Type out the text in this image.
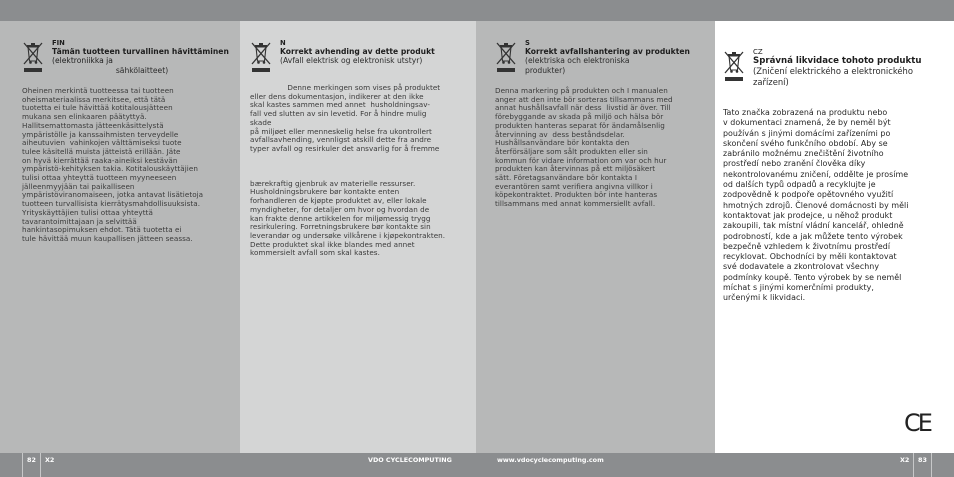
FIN
Tämän tuotteen turvallinen hävittäminen (elektroniikka ja
sähkölaitteet)
Oheinen merkintä tuotteessa tai tuotteen
oheismateriaalissa merkitsee, että tätä
tuotetta ei tule hävittää kotitalousjätteen
mukana sen elinkaaren päätyttyä.
Hallitsemattomasta jätteenkäsittelystä
ympäristölle ja kanssaihmisten terveydelle
aiheutuvien  vahinkojen välttämiseksi tuote
tulee käsitellä muista jätteistä erillään. Jäte
on hyvä kierrättää raaka-aineiksi kestävän
ympäristö-kehityksen takia. Kotitalouskäyttäjien
tulisi ottaa yhteyttä tuotteen myyneeseen
jälleenmyyjään tai paikalliseen
ympäristöviranomaiseen, jotka antavat lisätietoja
tuotteen turvallisista kierrätysmahdollisuuksista.
Yrityskäyttäjien tulisi ottaa yhteyttä
tavarantoimittajaan ja selvittää
hankintasopimuksen ehdot. Tätä tuotetta ei
tule hävittää muun kaupallisen jätteen seassa.
N
Korrekt avhending av dette produkt
(Avfall elektrisk og elektronisk utstyr)
Denne merkingen som vises på produktet
eller dens dokumentasjon, indikerer at den ikke
skal kastes sammen med annet  husholdningsav-
fall ved slutten av sin levetid. For å hindre mulig
skade
på miljøet eller menneskelig helse fra ukontrollert
avfallsavhending, vennligst atskill dette fra andre
typer avfall og resirkuler det ansvarlig for å fremme

bærekraftig gjenbruk av materielle ressurser.
Husholdningsbrukere bør kontakte enten
forhandleren de kjøpte produktet av, eller lokale
myndigheter, for detaljer om hvor og hvordan de
kan frakte denne artikkelen for miljømessig trygg
resirkulering. Forretningsbrukere bør kontakte sin
leverandør og undersøke vilkårene i kjøpekontrakten.
Dette produktet skal ikke blandes med annet
kommersielt avfall som skal kastes.
S
Korrekt avfallshantering av produkten
(elektriska och elektroniska
produkter)
Denna markering på produkten och I manualen
anger att den inte bör sorteras tillsammans med
annat hushållsavfall när dess  livstid är över. Till
förebyggande av skada på miljö och hälsa bör
produkten hanteras separat för ändamålsenlig
återvinning av  dess beståndsdelar.
Hushållsanvändare bör kontakta den
återförsäljare som sålt produkten eller sin
kommun för vidare information om var och hur
produkten kan återvinnas på ett miljösäkert
sätt. Företagsanvändare bör kontakta I
everantören samt verifiera angivna villkor i
köpekontraktet. Produkten bör inte hanteras
tillsammans med annat kommersiellt avfall.
CZ
Správná likvidace tohoto produktu
(Zničení elektrického a elektronického
zařízení)
Tato značka zobrazená na produktu nebo
v dokumentaci znamená, že by neměl být
používán s jinými domácími zařízeními po
skončení svého funkčního období. Aby se
zabránilo možnému znečištění životního
prostředí nebo zranění člověka díky
nekontrolovanému zničení, oddělte je prosíme
od dalších typů odpadů a recyklujte je
zodpovědně k podpoře opětovného využití
hmotných zdrojů. Členové domácnosti by měli
kontaktovat jak prodejce, u něhož produkt
zakoupili, tak místní vládní kancelář, ohledně
podrobností, kde a jak můžete tento výrobek
bezpečně vzhledem k životnímu prostředí
recyklovat. Obchodníci by měli kontaktovat
své dodavatele a zkontrolovat všechny
podmínky koupě. Tento výrobek by se neměl
míchat s jinými komerčními produkty,
určenými k likvidaci.
CE
82 X2	VDO CYCLECOMPUTING	www.vdocyclecomputing.com	X2 83
